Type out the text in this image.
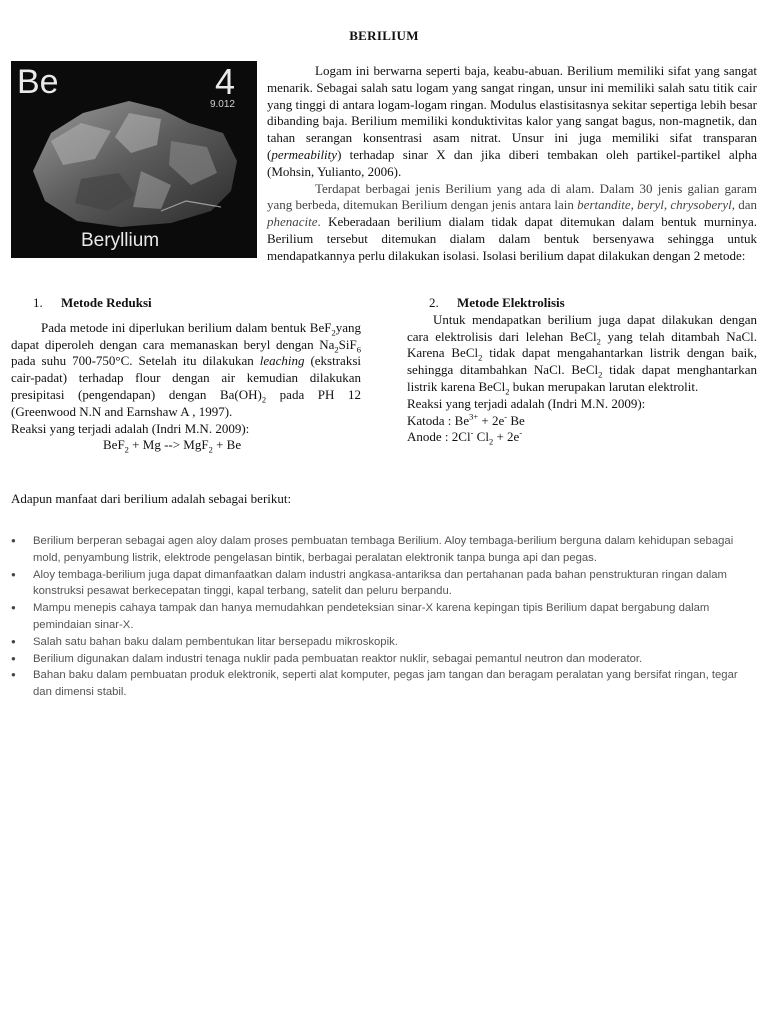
BERILIUM
Be	4
9.012
Beryllium

Logam ini berwarna seperti baja, keabu-abuan. Berilium memiliki sifat yang sangat menarik. Sebagai salah satu logam yang sangat ringan, unsur ini memiliki salah satu titik cair yang tinggi di antara logam-logam ringan. Modulus elastisitasnya sekitar sepertiga lebih besar dibanding baja. Berilium memiliki konduktivitas kalor yang sangat bagus, non-magnetik, dan tahan serangan konsentrasi asam nitrat. Unsur ini juga memiliki sifat transparan (permeability) terhadap sinar X dan jika diberi tembakan oleh partikel-partikel alpha (Mohsin, Yulianto, 2006).

Terdapat berbagai jenis Berilium yang ada di alam. Dalam 30 jenis galian garam yang berbeda, ditemukan Berilium dengan jenis antara lain bertandite, beryl, chrysoberyl, dan phenacite. Keberadaan berilium dialam tidak dapat ditemukan dalam bentuk murninya. Berilium tersebut ditemukan dialam dalam bentuk bersenyawa sehingga untuk mendapatkannya perlu dilakukan isolasi. Isolasi berilium dapat dilakukan dengan 2 metode:

1. Metode Reduksi

Pada metode ini diperlukan berilium dalam bentuk BeF$_2$yang dapat diperoleh dengan cara memanaskan beryl dengan $Na_2SiF_6$ pada suhu 700-750°C. Setelah itu dilakukan leaching (ekstraksi cair-padat) terhadap flour dengan air kemudian dilakukan presipitasi (pengendapan) dengan $Ba(OH)_2$ pada PH 12 (Greenwood N.N and Earnshaw A , 1997).

Reaksi yang terjadi adalah (Indri M.N. 2009):

BeF$_2$ + Mg --> MgF$_2$ + Be

2. Metode Elektrolisis

Untuk mendapatkan berilium juga dapat dilakukan dengan cara elektrolisis dari lelehan BeCl$_2$ yang telah ditambah NaCl. Karena BeCl$_2$ tidak dapat mengahantarkan listrik dengan baik, sehingga ditambahkan NaCl. BeCl$_2$ tidak dapat menghantarkan listrik karena BeCl$_2$ bukan merupakan larutan elektrolit.

Reaksi yang terjadi adalah (Indri M.N. 2009):

Katoda : $Be^{3+} + 2e^-$ Be

Anode : 2Cl- $Cl_2 + 2e^-$

Adapun manfaat dari berilium adalah sebagai berikut:
● Berilium berperan sebagai agen aloy dalam proses pembuatan tembaga Berilium. Aloy tembaga-berilium berguna dalam kehidupan sebagai mold, penyambung listrik, elektrode pengelasan bintik, berbagai peralatan elektronik tanpa bunga api dan pegas.
● Aloy tembaga-berilium juga dapat dimanfaatkan dalam industri angkasa-antariksa dan pertahanan pada bahan penstrukturan ringan dalam konstruksi pesawat berkecepatan tinggi, kapal terbang, satelit dan peluru berpandu.
● Mampu menepis cahaya tampak dan hanya memudahkan pendeteksian sinar-X karena kepingan tipis Berilium dapat bergabung dalam pemindaian sinar-X.
● Salah satu bahan baku dalam pembentukan litar bersepadu mikroskopik.
● Berilium digunakan dalam industri tenaga nuklir pada pembuatan reaktor nuklir, sebagai pemantul neutron dan moderator.
● Bahan baku dalam pembuatan produk elektronik, seperti alat komputer, pegas jam tangan dan beragam peralatan yang bersifat ringan, tegar dan dimensi stabil.
